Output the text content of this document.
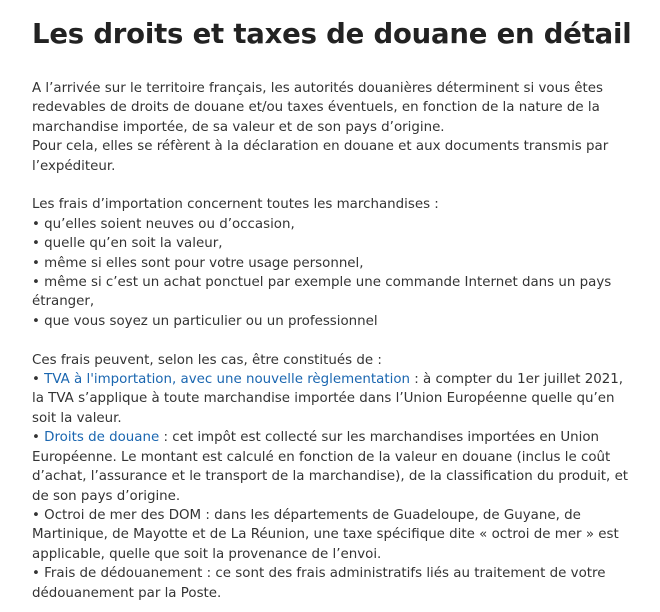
Les droits et taxes de douane en détail

A l’arrivée sur le territoire français, les autorités douanières déterminent si vous êtes redevables de droits de douane et/ou taxes éventuels, en fonction de la nature de la marchandise importée, de sa valeur et de son pays d’origine.

Pour cela, elles se réfèrent à la déclaration en douane et aux documents transmis par l’expéditeur.

Les frais d’importation concernent toutes les marchandises :

• qu’elles soient neuves ou d’occasion,

• quelle qu’en soit la valeur,

• même si elles sont pour votre usage personnel,

• même si c’est un achat ponctuel par exemple une commande Internet dans un pays étranger,

• que vous soyez un particulier ou un professionnel

Ces frais peuvent, selon les cas, être constitués de :

• TVA à l'importation, avec une nouvelle règlementation : à compter du 1er juillet 2021, la TVA s’applique à toute marchandise importée dans l’Union Européenne quelle qu’en soit la valeur.

• Droits de douane : cet impôt est collecté sur les marchandises importées en Union Européenne. Le montant est calculé en fonction de la valeur en douane (inclus le coût d’achat, l’assurance et le transport de la marchandise), de la classification du produit, et de son pays d’origine.

• Octroi de mer des DOM : dans les départements de Guadeloupe, de Guyane, de Martinique, de Mayotte et de La Réunion, une taxe spécifique dite « octroi de mer » est applicable, quelle que soit la provenance de l’envoi.

• Frais de dédouanement : ce sont des frais administratifs liés au traitement de votre dédouanement par la Poste.
